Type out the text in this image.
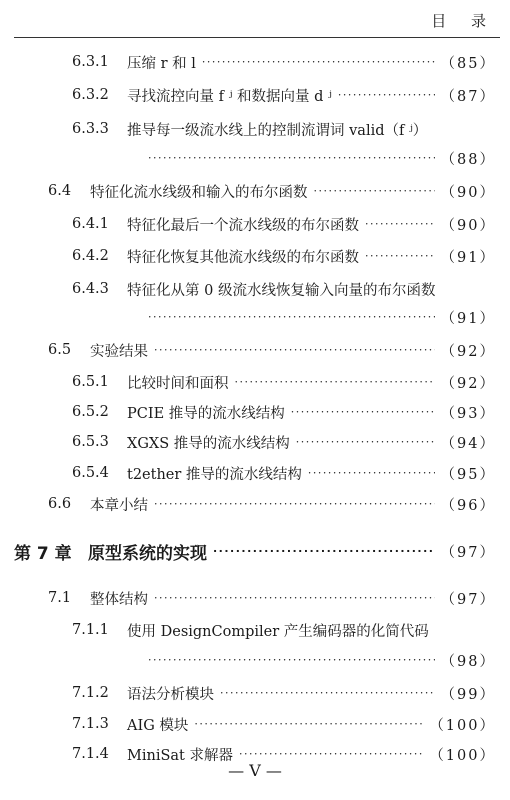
目 录
6.3.1	压缩 r 和 l ·····	（85）
6.3.2	寻找流控向量 f ʲ 和数据向量 d ʲ ·····	（87）
6.3.3	推导每一级流水线上的控制流谓词 valid（f ʲ）
·····
（88）
6.4	特征化流水线级和输入的布尔函数 ·····	（90）
6.4.1	特征化最后一个流水线级的布尔函数 ·····	（90）
6.4.2	特征化恢复其他流水线级的布尔函数 ·····	（91）
6.4.3	特征化从第 0 级流水线恢复输入向量的布尔函数
·····
（91）
6.5	实验结果 ·····	（92）
6.5.1	比较时间和面积 ·····	（92）
6.5.2	PCIE 推导的流水线结构 ·····	（93）
6.5.3	XGXS 推导的流水线结构 ·····	（94）
6.5.4	t2ether 推导的流水线结构 ·····	（95）
6.6	本章小结 ·····	（96）
第 7 章 原型系统的实现 ·····	（97）
7.1	整体结构 ·····	（97）
7.1.1	使用 DesignCompiler 产生编码器的化简代码
·····
（98）
7.1.2	语法分析模块 ·····	（99）
7.1.3	AIG 模块 ·····	（100）
7.1.4	MiniSat 求解器 ·····	（100）
— V —
